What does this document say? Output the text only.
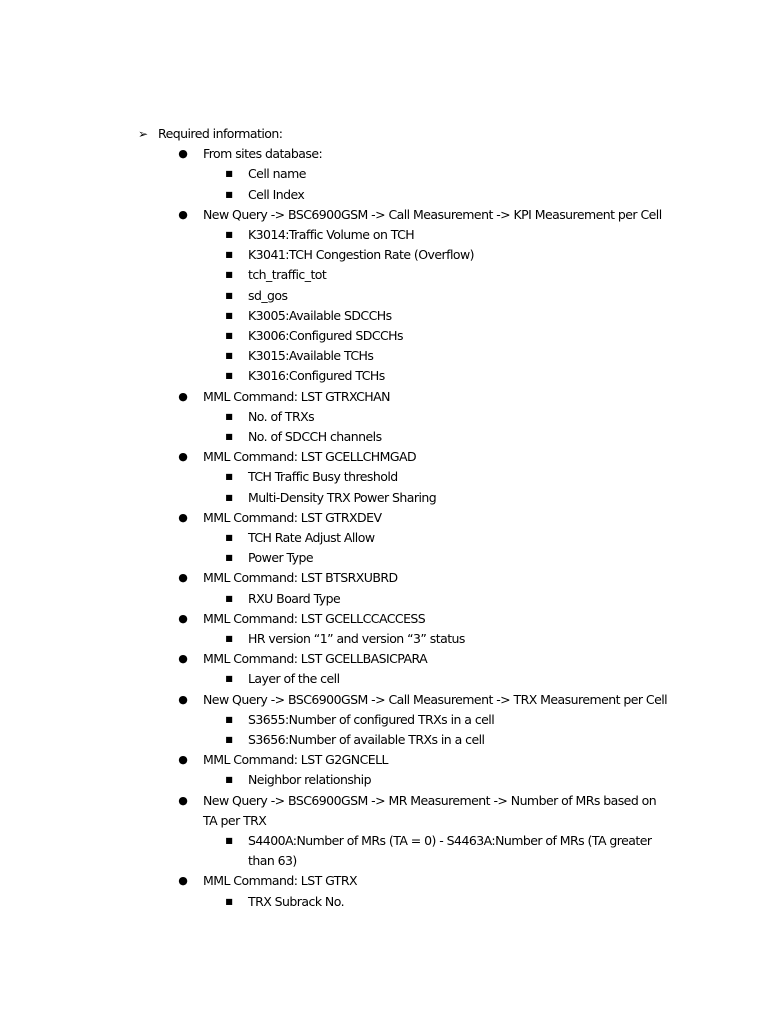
➢ Required information:
● From sites database:
■ Cell name
■ Cell Index
● New Query -> BSC6900GSM -> Call Measurement -> KPI Measurement per Cell
■ K3014:Traffic Volume on TCH
■ K3041:TCH Congestion Rate (Overflow)
■ tch_traffic_tot
■ sd_gos
■ K3005:Available SDCCHs
■ K3006:Configured SDCCHs
■ K3015:Available TCHs
■ K3016:Configured TCHs
● MML Command: LST GTRXCHAN
■ No. of TRXs
■ No. of SDCCH channels
● MML Command: LST GCELLCHMGAD
■ TCH Traffic Busy threshold
■ Multi-Density TRX Power Sharing
● MML Command: LST GTRXDEV
■ TCH Rate Adjust Allow
■ Power Type
● MML Command: LST BTSRXUBRD
■ RXU Board Type
● MML Command: LST GCELLCCACCESS
■ HR version “1” and version “3” status
● MML Command: LST GCELLBASICPARA
■ Layer of the cell
● New Query -> BSC6900GSM -> Call Measurement -> TRX Measurement per Cell
■ S3655:Number of configured TRXs in a cell
■ S3656:Number of available TRXs in a cell
● MML Command: LST G2GNCELL
■ Neighbor relationship
● New Query -> BSC6900GSM -> MR Measurement -> Number of MRs based on
TA per TRX
■ S4400A:Number of MRs (TA = 0) - S4463A:Number of MRs (TA greater
than 63)
● MML Command: LST GTRX
■ TRX Subrack No.
